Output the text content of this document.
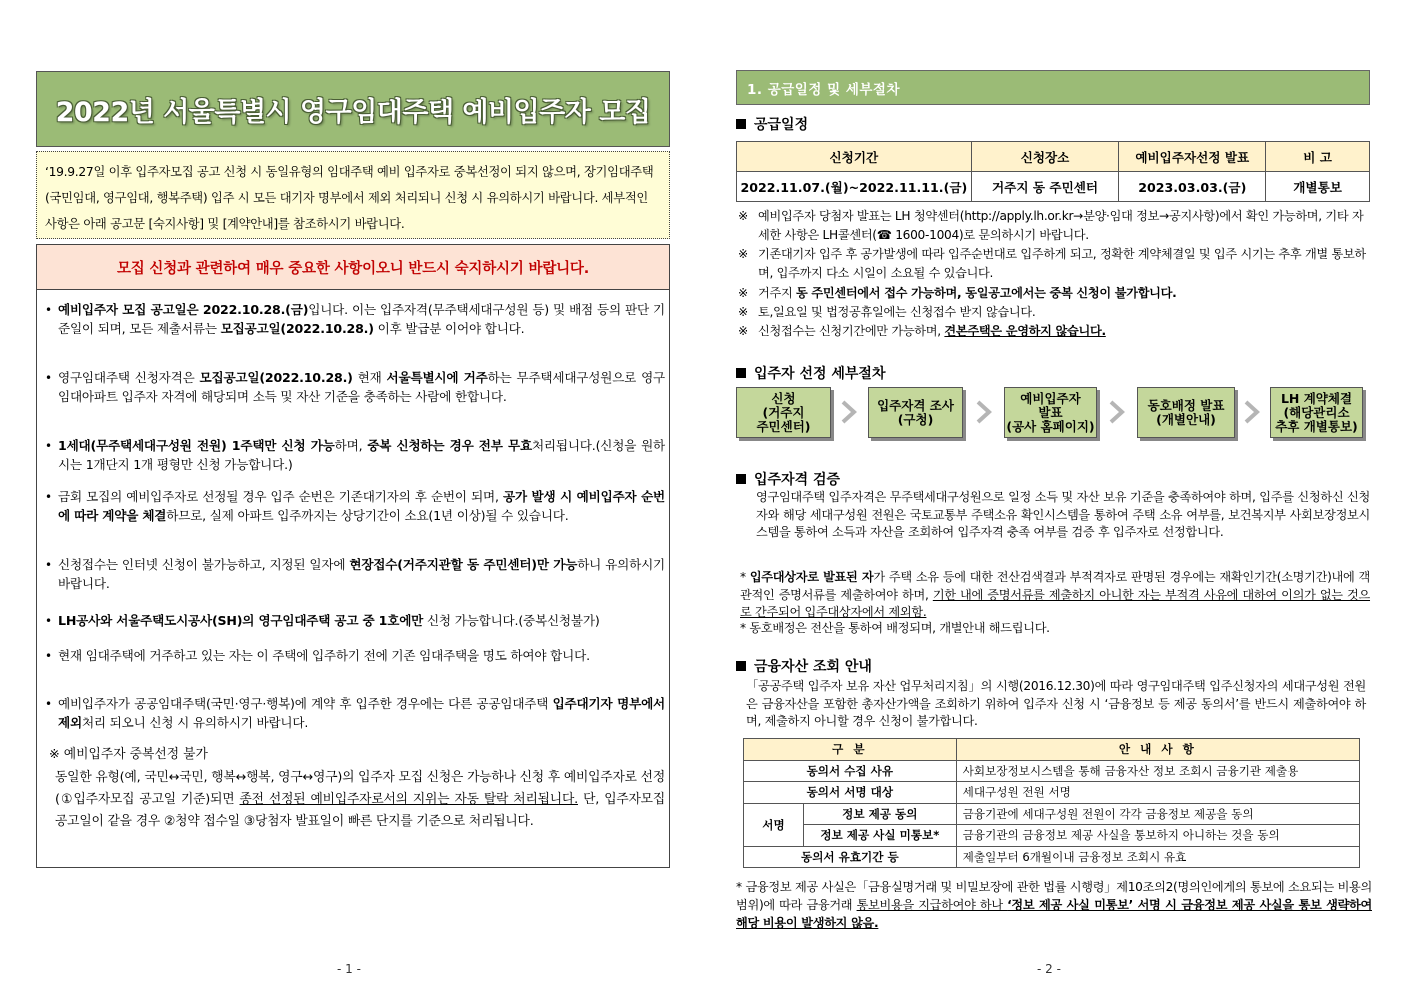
2022년 서울특별시 영구임대주택 예비입주자 모집
‘19.9.27일 이후 입주자모집 공고 신청 시 동일유형의 임대주택 예비 입주자로 중복선정이 되지 않으며, 장기임대주택(국민임대, 영구임대, 행복주택) 입주 시 모든 대기자 명부에서 제외 처리되니 신청 시 유의하시기 바랍니다. 세부적인 사항은 아래 공고문 [숙지사항] 및 [계약안내]를 참조하시기 바랍니다.
모집 신청과 관련하여 매우 중요한 사항이오니 반드시 숙지하시기 바랍니다.
• 예비입주자 모집 공고일은 2022.10.28.(금)입니다. 이는 입주자격(무주택세대구성원 등) 및 배점 등의 판단 기준일이 되며, 모든 제출서류는 모집공고일(2022.10.28.) 이후 발급분 이어야 합니다.
• 영구임대주택 신청자격은 모집공고일(2022.10.28.) 현재 서울특별시에 거주하는 무주택세대구성원으로 영구임대아파트 입주자 자격에 해당되며 소득 및 자산 기준을 충족하는 사람에 한합니다.
• 1세대(무주택세대구성원 전원) 1주택만 신청 가능하며, 중복 신청하는 경우 전부 무효처리됩니다.(신청을 원하시는 1개단지 1개 평형만 신청 가능합니다.)
• 금회 모집의 예비입주자로 선정될 경우 입주 순번은 기존대기자의 후 순번이 되며, 공가 발생 시 예비입주자 순번에 따라 계약을 체결하므로, 실제 아파트 입주까지는 상당기간이 소요(1년 이상)될 수 있습니다.
• 신청접수는 인터넷 신청이 불가능하고, 지정된 일자에 현장접수(거주지관할 동 주민센터)만 가능하니 유의하시기 바랍니다.
• LH공사와 서울주택도시공사(SH)의 영구임대주택 공고 중 1호에만 신청 가능합니다.(중복신청불가)
• 현재 임대주택에 거주하고 있는 자는 이 주택에 입주하기 전에 기존 임대주택을 명도 하여야 합니다.
• 예비입주자가 공공임대주택(국민·영구·행복)에 계약 후 입주한 경우에는 다른 공공임대주택 입주대기자 명부에서 제외처리 되오니 신청 시 유의하시기 바랍니다.
※ 예비입주자 중복선정 불가
동일한 유형(예, 국민↔국민, 행복↔행복, 영구↔영구)의 입주자 모집 신청은 가능하나 신청 후 예비입주자로 선정(①입주자모집 공고일 기준)되면 종전 선정된 예비입주자로서의 지위는 자동 탈락 처리됩니다. 단, 입주자모집 공고일이 같을 경우 ②청약 접수일 ③당첨자 발표일이 빠른 단지를 기준으로 처리됩니다.
- 1 -
1. 공급일정 및 세부절차
공급일정
신청기간	신청장소	예비입주자선정 발표	비 고
2022.11.07.(월)~2022.11.11.(금)	거주지 동 주민센터	2023.03.03.(금)	개별통보
※ 예비입주자 당첨자 발표는 LH 청약센터(http://apply.lh.or.kr→분양·임대 정보→공지사항)에서 확인 가능하며, 기타 자세한 사항은 LH콜센터(☎ 1600-1004)로 문의하시기 바랍니다.
※ 기존대기자 입주 후 공가발생에 따라 입주순번대로 입주하게 되고, 정확한 계약체결일 및 입주 시기는 추후 개별 통보하며, 입주까지 다소 시일이 소요될 수 있습니다.
※ 거주지 동 주민센터에서 접수 가능하며, 동일공고에서는 중복 신청이 불가합니다.
※ 토,일요일 및 법정공휴일에는 신청접수 받지 않습니다.
※ 신청접수는 신청기간에만 가능하며, 견본주택은 운영하지 않습니다.
입주자 선정 세부절차
신청
(거주지
주민센터)
입주자격 조사
(구청)
예비입주자
발표
(공사 홈페이지)
동호배정 발표
(개별안내)
LH 계약체결
(해당관리소
추후 개별통보)
입주자격 검증
영구임대주택 입주자격은 무주택세대구성원으로 일정 소득 및 자산 보유 기준을 충족하여야 하며, 입주를 신청하신 신청자와 해당 세대구성원 전원은 국토교통부 주택소유 확인시스템을 통하여 주택 소유 여부를, 보건복지부 사회보장정보시스템을 통하여 소득과 자산을 조회하여 입주자격 충족 여부를 검증 후 입주자로 선정합니다.
* 입주대상자로 발표된 자가 주택 소유 등에 대한 전산검색결과 부적격자로 판명된 경우에는 재확인기간(소명기간)내에 객관적인 증명서류를 제출하여야 하며, 기한 내에 증명서류를 제출하지 아니한 자는 부적격 사유에 대하여 이의가 없는 것으로 간주되어 입주대상자에서 제외함.
* 동호배정은 전산을 통하여 배정되며, 개별안내 해드립니다.
금융자산 조회 안내
「공공주택 입주자 보유 자산 업무처리지침」의 시행(2016.12.30)에 따라 영구임대주택 입주신청자의 세대구성원 전원은 금융자산을 포함한 총자산가액을 조회하기 위하여 입주자 신청 시 ‘금융정보 등 제공 동의서’를 반드시 제출하여야 하며, 제출하지 아니할 경우 신청이 불가합니다.
구 분		안 내 사 항
동의서 수집 사유		사회보장정보시스템을 통해 금융자산 정보 조회시 금융기관 제출용
동의서 서명 대상		세대구성원 전원 서명
서명	정보 제공 동의	금융기관에 세대구성원 전원이 각각 금융정보 제공을 동의
	정보 제공 사실 미통보*	금융기관의 금융정보 제공 사실을 통보하지 아니하는 것을 동의
동의서 유효기간 등		제출일부터 6개월이내 금융정보 조회시 유효
* 금융정보 제공 사실은「금융실명거래 및 비밀보장에 관한 법률 시행령」제10조의2(명의인에게의 통보에 소요되는 비용의 범위)에 따라 금융거래 통보비용을 지급하여야 하나 ‘정보 제공 사실 미통보’ 서명 시 금융정보 제공 사실을 통보 생략하여 해당 비용이 발생하지 않음.
- 2 -
